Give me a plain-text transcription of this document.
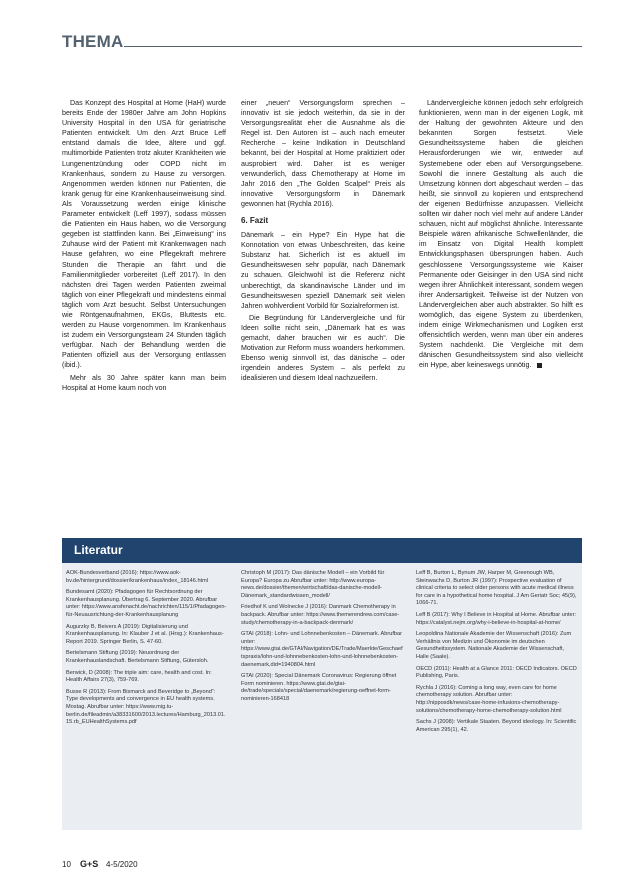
THEMA

Das Konzept des Hospital at Home (HaH) wurde bereits Ende der 1980er Jahre am John Hopkins University Hospital in den USA für geriatrische Patienten entwickelt. Um den Arzt Bruce Leff entstand damals die Idee, ältere und ggf. multimorbide Patienten trotz akuter Krankheiten wie Lungenentzündung oder COPD nicht im Krankenhaus, sondern zu Hause zu versorgen. Angenommen werden können nur Patienten, die krank genug für eine Krankenhauseinweisung sind. Als Voraussetzung werden einige klinische Parameter entwickelt (Leff 1997), sodass müssen die Patienten ein Haus haben, wo die Versorgung gegeben ist stattfinden kann. Bei „Einweisung“ ins Zuhause wird der Patient mit Krankenwagen nach Hause gefahren, wo eine Pflegekraft mehrere Stunden die Therapie an fährt und die Familienmitglieder vorbereitet (Leff 2017). In den nächsten drei Tagen werden Patienten zweimal täglich von einer Pflegekraft und mindestens einmal täglich vom Arzt besucht. Selbst Untersuchungen wie Röntgenaufnahmen, EKGs, Bluttests etc. werden zu Hause vorgenommen. Im Krankenhaus ist zudem ein Versorgungsteam 24 Stunden täglich verfügbar. Nach der Behandlung werden die Patienten offiziell aus der Versorgung entlassen (ibid.).

Mehr als 30 Jahre später kann man beim Hospital at Home kaum noch von

einer „neuen“ Versorgungsform sprechen – innovativ ist sie jedoch weiterhin, da sie in der Versorgungsrealität eher die Ausnahme als die Regel ist. Den Autoren ist – auch nach erneuter Recherche – keine Indikation in Deutschland bekannt, bei der Hospital at Home praktiziert oder ausprobiert wird. Daher ist es weniger verwunderlich, dass Chemotherapy at Home im Jahr 2016 den „The Golden Scalpel“ Preis als innovative Versorgungsform in Dänemark gewonnen hat (Rychla 2016).

6. Fazit

Dänemark – ein Hype? Ein Hype hat die Konnotation von etwas Unbeschreiten, das keine Substanz hat. Sicherlich ist es aktuell im Gesundheitswesen sehr populär, nach Dänemark zu schauen. Gleichwohl ist die Referenz nicht unberechtigt, da skandinavische Länder und im Gesundheitswesen speziell Dänemark seit vielen Jahren wohlverdient Vorbild für Sozialreformen ist.

Die Begründung für Ländervergleiche und für Ideen sollte nicht sein, „Dänemark hat es was gemacht, daher brauchen wir es auch“. Die Motivation zur Reform muss woanders herkommen. Ebenso wenig sinnvoll ist, das dänische – oder irgendein anderes System – als perfekt zu idealisieren und diesem Ideal nachzueifern.

Ländervergleiche können jedoch sehr erfolgreich funktionieren, wenn man in der eigenen Logik, mit der Haltung der gewohnten Akteure und den bekannten Sorgen festsetzt. Viele Gesundheitssysteme haben die gleichen Herausforderungen wie wir, entweder auf Systemebene oder eben auf Versorgungsebene. Sowohl die innere Gestaltung als auch die Umsetzung können dort abgeschaut werden – das heißt, sie sinnvoll zu kopieren und entsprechend der eigenen Bedürfnisse anzupassen. Vielleicht sollten wir daher noch viel mehr auf andere Länder schauen, nicht auf möglichst ähnliche. Interessante Beispiele wären afrikanische Schwellenländer, die im Einsatz von Digital Health komplett Entwicklungsphasen übersprungen haben. Auch geschlossene Versorgungssysteme wie Kaiser Permanente oder Geisinger in den USA sind nicht wegen ihrer Ähnlichkeit interessant, sondern wegen ihrer Andersartigkeit. Teilweise ist der Nutzen von Ländervergleichen aber auch abstrakter. So hilft es womöglich, das eigene System zu überdenken, indem einige Wirkmechanismen und Logiken erst offensichtlich werden, wenn man über ein anderes System nachdenkt. Die Vergleiche mit dem dänischen Gesundheitssystem sind also vielleicht ein Hype, aber keineswegs unnötig.

Literatur

AOK-Bundesverband (2016): https://www.aok-bv.de/hintergrund/dossier/krankenhaus/index_18146.html

Bundesamt (2020): Pfadagogen für Rechtsordnung der Krankenhausplanung. Übertrag 6. September 2020. Abrufbar unter: https://www.ansfenacht.de/nachrichten/115/1/Pfadagogen-für-Neuausrichtung-der-Krankenhausplanung

Augurzky B, Beivers A (2019): Digitalisierung und Krankenhausplanung. In: Klauber J et al. (Hrsg.): Krankenhaus-Report 2019. Springer Berlin, S. 47-60.

Bertelsmann Stiftung (2019): Neuordnung der Krankenhauslandschaft. Bertelsmann Stiftung, Gütersloh.

Berwick, D (2008): The triple aim: care, health and cost. In: Health Affairs 27(3), 759-769.

Busse R (2013): From Bismarck and Beveridge to „Beyond“: Type developments and convergence in EU health systems. Mostag. Abrufbar unter: https://www.mig.tu-berlin.de/fileadmin/a38331600/2013.lectures/Hamburg_2013.01.15.rb_EUHealthSystems.pdf

Christoph M (2017): Das dänische Modell – ein Vorbild für Europa? Europa zu Abrufbar unter: http://www.europa-news.de/dossier/themen/wirtschaft/das-danische-modell-Dänemark_standardwissen_modell/

Friedhof K und Wolnecke J (2016): Danmark Chemotherapy in backpack. Abrufbar unter: https://www.themerendrew.com/case-study/chemotherapy-in-a-backpack-denmark/

GTAI (2018): Lohn- und Lohnnebenkosten – Dänemark. Abrufbar unter: https://www.gtai.de/GTAI/Navigation/DE/Trade/Maerkte/Geschaeftspraxis/lohn-und-lohnnebenkosten-lohn-und-lohnnebenkosten-daenemark,did=1940804.html

GTAI (2020): Special Dänemark Coronavirus: Regierung öffnet Form nominieren. https://www.gtai.de/gtai-de/trade/specials/special/daenemark/regierung-oeffnet-form-nominieren-168418

Leff B, Burton L, Bynum JW, Harper M, Greenough WB, Steinwachs D, Burton JR (1997): Prospective evaluation of clinical criteria to select older persons with acute medical illness for care in a hypothetical home hospital. J Am Geriatr Soc; 45(9), 1066-71.

Leff B (2017): Why I Believe in Hospital at Home. Abrufbar unter: https://catalyst.nejm.org/why-i-believe-in-hospital-at-home/

Leopoldina Nationale Akademie der Wissenschaft (2016): Zum Verhältnis von Medizin und Ökonomie im deutschen Gesundheitssystem. Nationale Akademie der Wissenschaft, Halle (Saale).

OECD (2011): Health at a Glance 2011: OECD Indicators. OECD Publishing, Paris.

Rychla J (2016): Coming a long way, even care for home chemotherapy solution. Abrufbar unter: http://nipposdk/news/case-home-infusions-chemotherapy-solutions/chemotherapy-home-chemotherapy-solution.html

Sachs J (2008): Vertikale Staaten. Beyond ideology. In: Scientific American 295(1), 42.

10 G+S 4-5/2020
